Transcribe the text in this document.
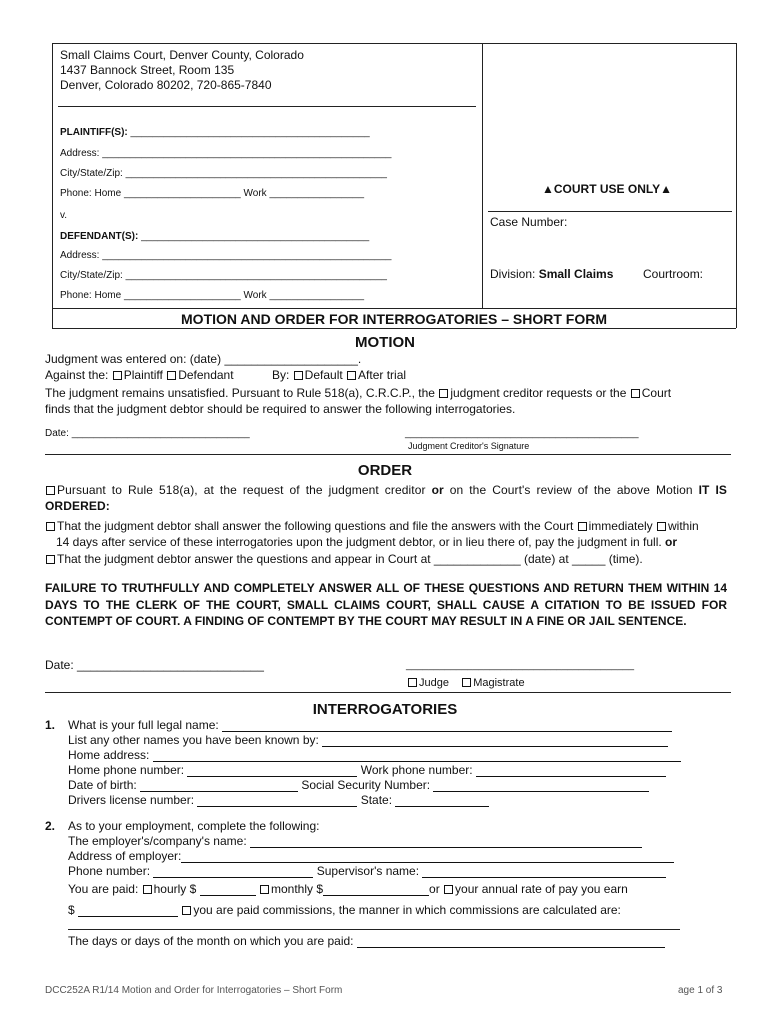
Small Claims Court, Denver County, Colorado
1437 Bannock Street, Room 135
Denver, Colorado 80202, 720-865-7840
PLAINTIFF(S): ___________________________________________
Address: ____________________________________________________
City/State/Zip: _______________________________________________
Phone: Home _____________________ Work _________________
v.
DEFENDANT(S): _________________________________________
Address: ____________________________________________________
City/State/Zip: _______________________________________________
Phone: Home _____________________ Work _________________
▲COURT USE ONLY▲
Case Number:
Division: Small Claims Courtroom:
MOTION AND ORDER FOR INTERROGATORIES – SHORT FORM
MOTION
Judgment was entered on: (date) ____________________.
Against the: Plaintiff Defendant	By: Default After trial
The judgment remains unsatisfied. Pursuant to Rule 518(a), C.R.C.P., the judgment creditor requests or the Court
finds that the judgment debtor should be required to answer the following interrogatories.
Date: ________________________________	__________________________________________
Judgment Creditor's Signature
ORDER
Pursuant to Rule 518(a), at the request of the judgment creditor or on the Court's review of the above Motion IT IS ORDERED:
That the judgment debtor shall answer the following questions and file the answers with the Court immediately within
14 days after service of these interrogatories upon the judgment debtor, or in lieu there of, pay the judgment in full. or
That the judgment debtor answer the questions and appear in Court at _____________ (date) at _____ (time).
FAILURE TO TRUTHFULLY AND COMPLETELY ANSWER ALL OF THESE QUESTIONS AND RETURN THEM WITHIN 14 DAYS TO THE CLERK OF THE COURT, SMALL CLAIMS COURT, SHALL CAUSE A CITATION TO BE ISSUED FOR CONTEMPT OF COURT. A FINDING OF CONTEMPT BY THE COURT MAY RESULT IN A FINE OR JAIL SENTENCE.
Date: ____________________________	_________________________________________
Judge Magistrate
INTERROGATORIES
1. What is your full legal name:
List any other names you have been known by:
Home address:
Home phone number:	Work phone number:
Date of birth:	Social Security Number:
Drivers license number:	State:
2. As to your employment, complete the following:
The employer's/company's name:
Address of employer:
Phone number:	Supervisor's name:
You are paid: hourly $	monthly $	or your annual rate of pay you earn
$	you are paid commissions, the manner in which commissions are calculated are:
The days or days of the month on which you are paid:
DCC252A R1/14 Motion and Order for Interrogatories – Short Form	age 1 of 3
